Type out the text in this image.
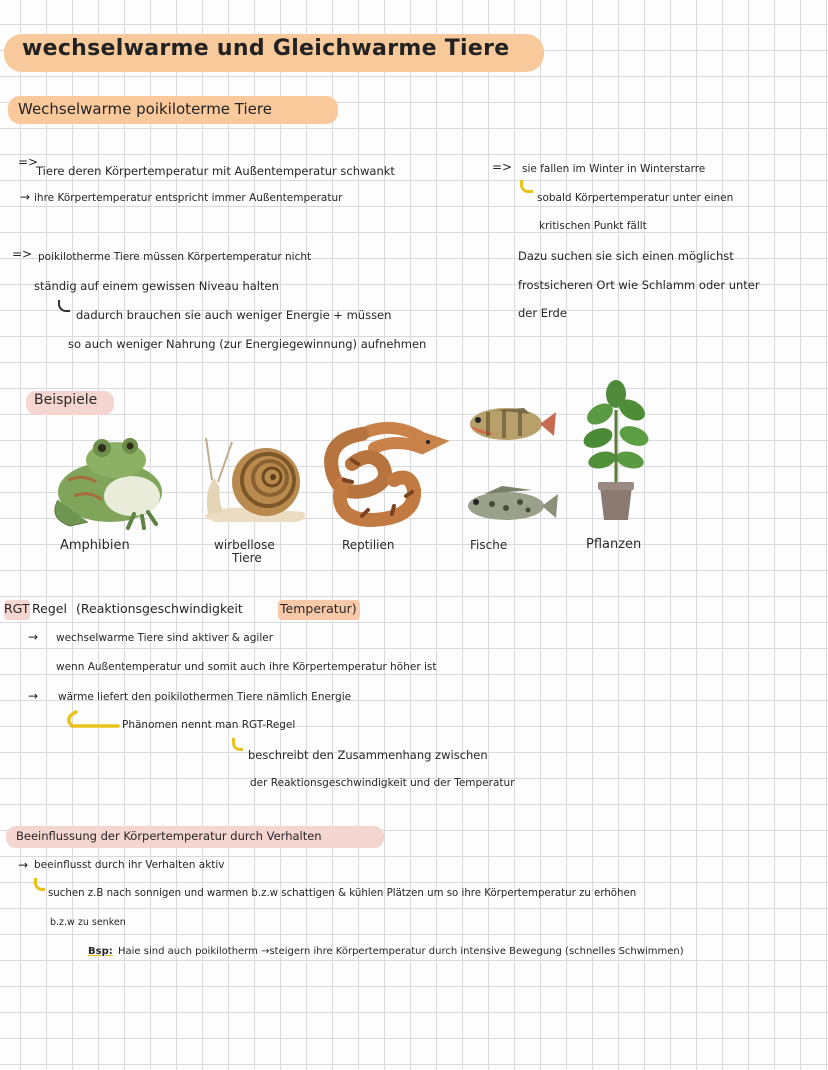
wechselwarme und Gleichwarme Tiere
Wechselwarme poikiloterme Tiere
=>
Tiere deren Körpertemperatur mit Außentemperatur schwankt
→ ihre Körpertemperatur entspricht immer Außentemperatur
=> poikilotherme Tiere müssen Körpertemperatur nicht
ständig auf einem gewissen Niveau halten
dadurch brauchen sie auch weniger Energie + müssen
so auch weniger Nahrung (zur Energiegewinnung) aufnehmen
=> sie fallen im Winter in Winterstarre
sobald Körpertemperatur unter einen
kritischen Punkt fällt
Dazu suchen sie sich einen möglichst
frostsicheren Ort wie Schlamm oder unter
der Erde
Beispiele
Amphibien	wirbellose
Tiere
Reptilien	Fische	Pflanzen
RGT Regel (Reaktionsgeschwindigkeit	Temperatur)
→ wechselwarme Tiere sind aktiver & agiler
wenn Außentemperatur und somit auch ihre Körpertemperatur höher ist
→ wärme liefert den poikilothermen Tiere nämlich Energie
Phänomen nennt man RGT-Regel
beschreibt den Zusammenhang zwischen
der Reaktionsgeschwindigkeit und der Temperatur
Beeinflussung der Körpertemperatur durch Verhalten
→ beeinflusst durch ihr Verhalten aktiv
suchen z.B nach sonnigen und warmen b.z.w schattigen & kühlen Plätzen um so ihre Körpertemperatur zu erhöhen
b.z.w zu senken
Bsp: Haie sind auch poikilotherm →steigern ihre Körpertemperatur durch intensive Bewegung (schnelles Schwimmen)
